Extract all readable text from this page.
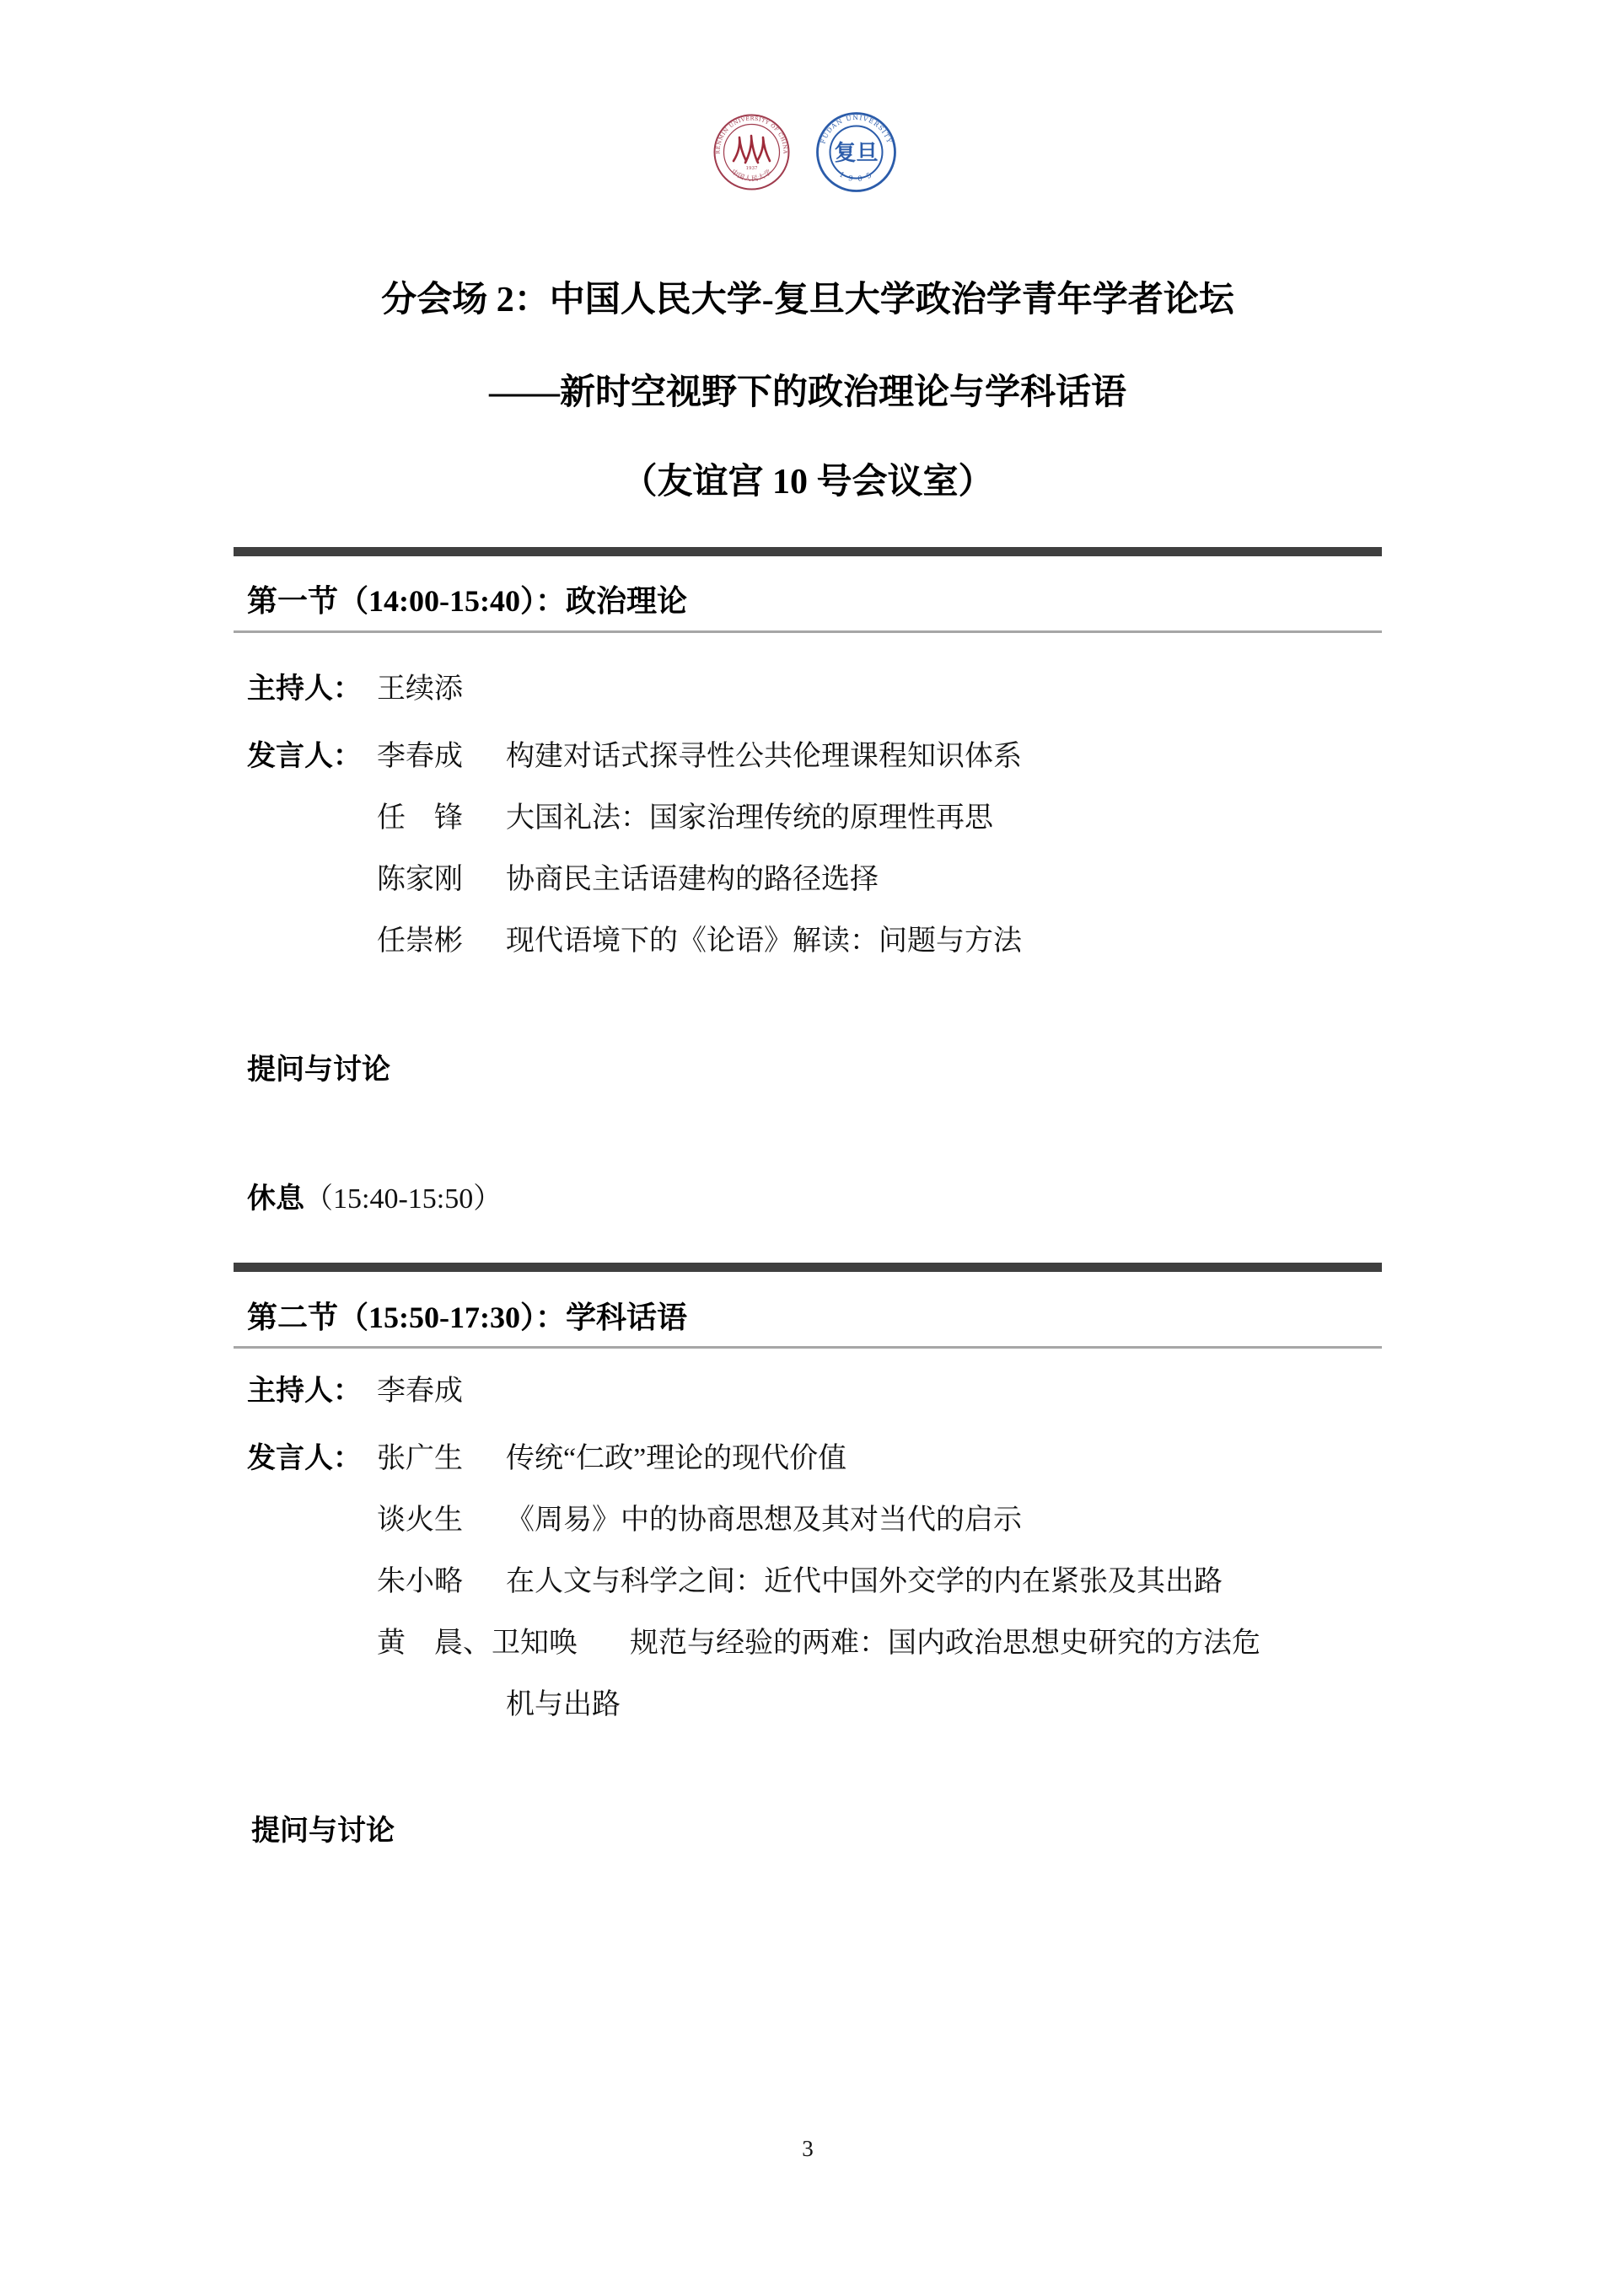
RENMIN UNIVERSITY OF CHINA
中国人民大学
1937
FUDAN UNIVERSITY
1 9 0 5
复旦
分会场 2：中国人民大学-复旦大学政治学青年学者论坛
——新时空视野下的政治理论与学科话语
（友谊宫 10 号会议室）
第一节（14:00-15:40）：政治理论
主持人： 王续添
发言人： 李春成 构建对话式探寻性公共伦理课程知识体系
任　锋 大国礼法：国家治理传统的原理性再思
陈家刚 协商民主话语建构的路径选择
任崇彬 现代语境下的《论语》解读：问题与方法
提问与讨论
休息（15:40-15:50）
第二节（15:50-17:30）：学科话语
主持人： 李春成
发言人： 张广生 传统“仁政”理论的现代价值
谈火生 《周易》中的协商思想及其对当代的启示
朱小略 在人文与科学之间：近代中国外交学的内在紧张及其出路
黄　晨、卫知唤 规范与经验的两难：国内政治思想史研究的方法危
机与出路
提问与讨论
3
